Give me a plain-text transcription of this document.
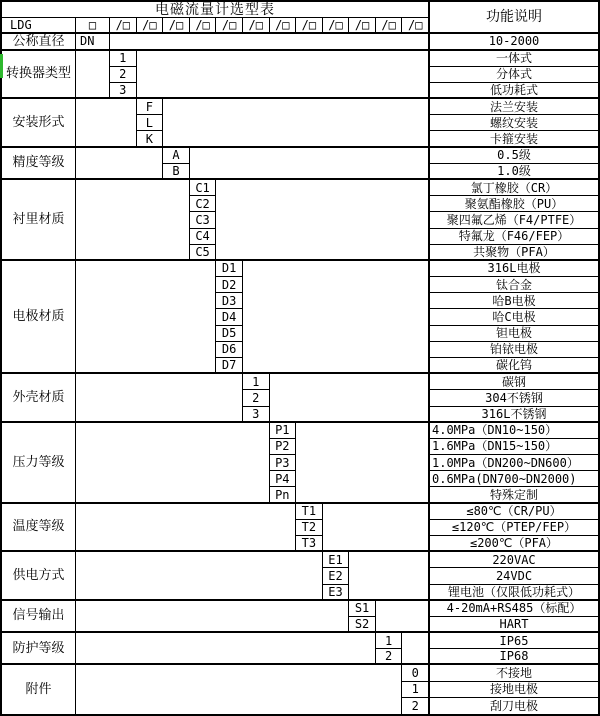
电磁流量计选型表	功能说明
LDG	□	/□	/□	/□	/□	/□	/□	/□	/□	/□	/□	/□	/□
公称直径	DN	10-2000
转换器类型
1	一体式
2	分体式
3	低功耗式
安装形式
F	法兰安装
L	螺纹安装
K	卡箍安装
精度等级
A	0.5级
B	1.0级
衬里材质
C1	氯丁橡胶（CR）
C2	聚氨酯橡胶（PU）
C3	聚四氟乙烯（F4/PTFE）
C4	特氟龙（F46/FEP）
C5	共聚物（PFA）
电极材质
D1	316L电极
D2	钛合金
D3	哈B电极
D4	哈C电极
D5	钽电极
D6	铂铱电极
D7	碳化钨
外壳材质
1	碳钢
2	304不锈钢
3	316L不锈钢
压力等级
P1	4.0MPa（DN10~150）
P2	1.6MPa（DN15~150）
P3	1.0MPa（DN200~DN600）
P4	0.6MPa(DN700~DN2000)
Pn	特殊定制
温度等级
T1	≤80℃（CR/PU）
T2	≤120℃（PTEP/FEP）
T3	≤200℃（PFA）
供电方式
E1	220VAC
E2	24VDC
E3	锂电池（仅限低功耗式）
信号输出
S1	4-20mA+RS485（标配）
S2	HART
防护等级
1	IP65
2	IP68
附件
0	不接地
1	接地电极
2	刮刀电极
